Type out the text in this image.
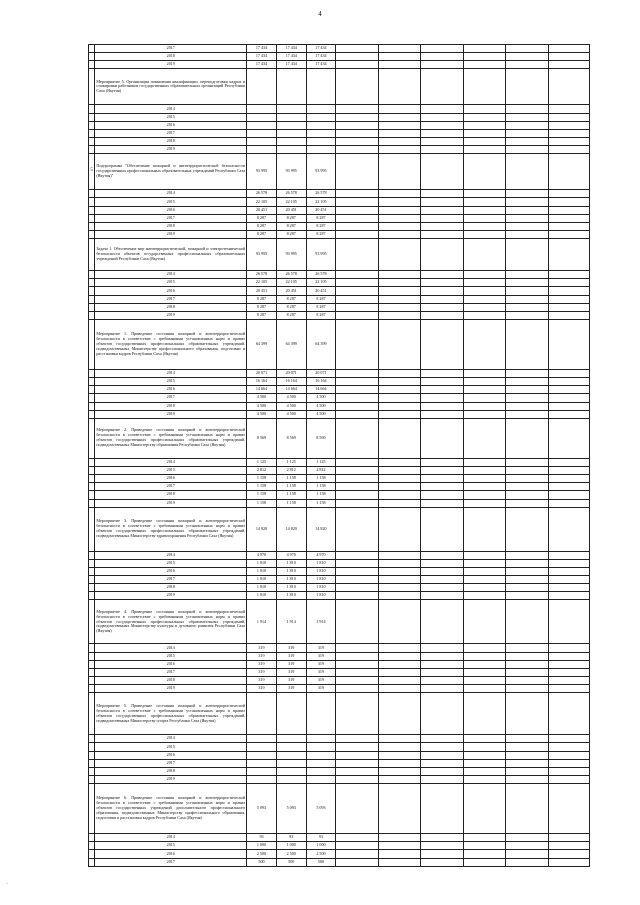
4
	2017	17 434	17 434	17 434						
	2018	17 434	17 434	17 434						
	2019	17 434	17 434	17 434						
	Мероприятие 5. Организация повышения квалификации, переподготовки кадров и стажировки работников государственных образовательных организаций Республики Саха (Якутия)									
	2014									
	2015									
	2016									
	2017									
	2018									
	2019									
5	Подпрограмма "Обеспечение пожарной и антитеррористической безопасности государственных профессиональных образовательных учреждений Республики Саха (Якутия)"	93 995	93 995	93 995						
	2014	26 578	26 578	26 578						
	2015	22 105	22 105	22 105						
	2016	20 451	20 451	20 451						
	2017	8 287	8 287	8 287						
	2018	8 287	8 287	8 287						
	2019	8 287	8 287	8 287						
	Задача 1. Обеспечение мер антитеррористической, пожарной и электротехнической безопасности объектов государственных профессиональных образовательных учреждений Республики Саха (Якутия)	93 995	93 995	93 995						
	2014	26 578	26 578	26 578						
	2015	22 105	22 105	22 105						
	2016	20 451	20 451	20 451						
	2017	8 287	8 287	8 287						
	2018	8 287	8 287	8 287						
	2019	8 287	8 287	8 287						
	Мероприятие 1. Приведение состояния пожарной и антитеррористической безопасности в соответствие с требованиями установленных норм и правил объектов государственных профессиональных образовательных учреждений, подведомственных Министерству профессионального образования, подготовки и расстановки кадров Республики Саха (Якутия)	64 399	64 399	64 399						
	2014	20 071	20 071	20 071						
	2015	16 164	16 164	16 164						
	2016	14 664	14 664	14 664						
	2017	4 500	4 500	4 500						
	2018	4 500	4 500	4 500						
	2019	4 500	4 500	4 500						
	Мероприятие 2. Приведение состояния пожарной и антитеррористической безопасности в соответствие с требованиями установленных норм и правил объектов государственных профессиональных образовательных учреждений, подведомственных Министерству образования Республики Саха (Якутия)	8 569	8 569	8 569						
	2014	1 125	1 125	1 125						
	2015	2 812	2 812	2 812						
	2016	1 158	1 158	1 158						
	2017	1 158	1 158	1 158						
	2018	1 158	1 158	1 158						
	2019	1 158	1 158	1 158						
	Мероприятие 3. Приведение состояния пожарной и антитеррористической безопасности в соответствие с требованиями установленных норм и правил объектов государственных профессиональных образовательных учреждений, подведомственных Министерству здравоохранения Республики Саха (Якутия)	14 820	14 820	14 820						
	2014	4 970	4 970	4 970						
	2015	1 810	1 810	1 810						
	2016	1 810	1 810	1 810						
	2017	1 810	1 810	1 810						
	2018	1 810	1 810	1 810						
	2019	1 810	1 810	1 810						
	Мероприятие 4. Приведение состояния пожарной и антитеррористической безопасности в соответствие с требованиями установленных норм и правил объектов государственных профессиональных образовательных учреждений, подведомственных Министерству культуры и духовного развития Республики Саха (Якутия)	1 914	1 914	1 914						
	2014	319	319	319						
	2015	319	319	319						
	2016	319	319	319						
	2017	319	319	319						
	2018	319	319	319						
	2019	319	319	319						
	Мероприятие 5. Приведение состояния пожарной и антитеррористической безопасности в соответствие с требованиями установленных норм и правил объектов государственных профессиональных образовательных учреждений, подведомственных Министерству спорта Республики Саха (Якутия)									
	2014									
	2015									
	2016									
	2017									
	2018									
	2019									
	Мероприятие 6. Приведение состояния пожарной и антитеррористической безопасности в соответствие с требованиями установленных норм и правил объектов государственных учреждений дополнительного профессионального образования, подведомственных Министерству профессионального образования, подготовки и расстановки кадров Республики Саха (Якутия)	5 093	5 093	5 093						
	2014	93	93	93						
	2015	1 000	1 000	1 000						
	2016	2 500	2 500	2 500						
	2017	500	500	500						
·
